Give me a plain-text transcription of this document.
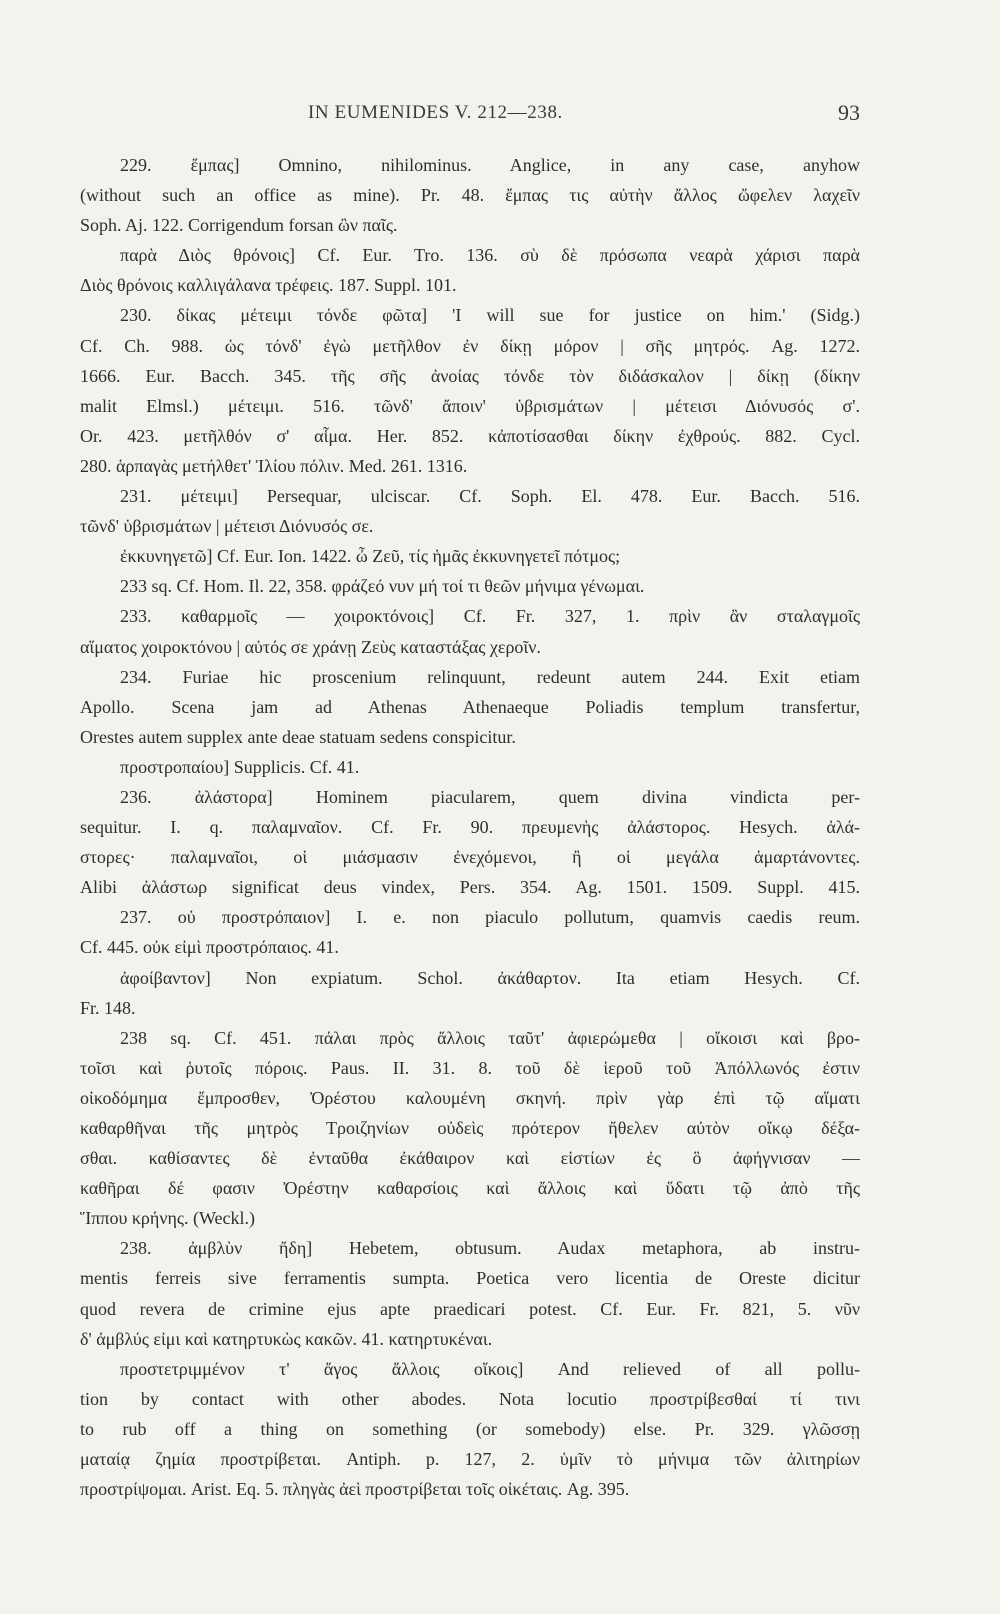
IN EUMENIDES V. 212—238.	93
229. ἔμπας] Omnino, nihilominus. Anglice, in any case, anyhow
(without such an office as mine). Pr. 48. ἔμπας τις αὐτὴν ἄλλος ὤφελεν λαχεῖν
Soph. Aj. 122. Corrigendum forsan ὢν παῖς.
παρὰ Διὸς θρόνοις] Cf. Eur. Tro. 136. σὺ δὲ πρόσωπα νεαρὰ χάρισι παρὰ
Διὸς θρόνοις καλλιγάλανα τρέφεις. 187. Suppl. 101.
230. δίκας μέτειμι τόνδε φῶτα] 'I will sue for justice on him.' (Sidg.)
Cf. Ch. 988. ὡς τόνδ' ἐγὼ μετῆλθον ἐν δίκῃ μόρον | σῆς μητρός. Ag. 1272.
1666. Eur. Bacch. 345. τῆς σῆς ἀνοίας τόνδε τὸν διδάσκαλον | δίκῃ (δίκην
malit Elmsl.) μέτειμι. 516. τῶνδ' ἄποιν' ὑβρισμάτων | μέτεισι Διόνυσός σ'.
Or. 423. μετῆλθόν σ' αἷμα. Her. 852. κἀποτίσασθαι δίκην ἐχθρούς. 882. Cycl.
280. ἁρπαγὰς μετήλθετ' Ἰλίου πόλιν. Med. 261. 1316.
231. μέτειμι] Persequar, ulciscar. Cf. Soph. El. 478. Eur. Bacch. 516.
τῶνδ' ὑβρισμάτων | μέτεισι Διόνυσός σε.
ἐκκυνηγετῶ] Cf. Eur. Ion. 1422. ὦ Ζεῦ, τίς ἡμᾶς ἐκκυνηγετεῖ πότμος;
233 sq. Cf. Hom. Il. 22, 358. φράζεό νυν μή τοί τι θεῶν μήνιμα γένωμαι.
233. καθαρμοῖς — χοιροκτόνοις] Cf. Fr. 327, 1. πρὶν ἂν σταλαγμοῖς
αἵματος χοιροκτόνου | αὐτός σε χράνῃ Ζεὺς καταστάξας χεροῖν.
234. Furiae hic proscenium relinquunt, redeunt autem 244. Exit etiam
Apollo. Scena jam ad Athenas Athenaeque Poliadis templum transfertur,
Orestes autem supplex ante deae statuam sedens conspicitur.
προστροπαίου] Supplicis. Cf. 41.
236. ἀλάστορα] Hominem piacularem, quem divina vindicta per-
sequitur. I. q. παλαμναῖον. Cf. Fr. 90. πρευμενὴς ἀλάστορος. Hesych. ἀλά-
στορες· παλαμναῖοι, οἱ μιάσμασιν ἐνεχόμενοι, ἢ οἱ μεγάλα ἁμαρτάνοντες.
Alibi ἀλάστωρ significat deus vindex, Pers. 354. Ag. 1501. 1509. Suppl. 415.
237. οὐ προστρόπαιον] I. e. non piaculo pollutum, quamvis caedis reum.
Cf. 445. οὐκ εἰμὶ προστρόπαιος. 41.
ἀφοίβαντον] Non expiatum. Schol. ἀκάθαρτον. Ita etiam Hesych. Cf.
Fr. 148.
238 sq. Cf. 451. πάλαι πρὸς ἄλλοις ταῦτ' ἀφιερώμεθα | οἴκοισι καὶ βρο-
τοῖσι καὶ ῥυτοῖς πόροις. Paus. II. 31. 8. τοῦ δὲ ἱεροῦ τοῦ Ἀπόλλωνός ἐστιν
οἰκοδόμημα ἔμπροσθεν, Ὀρέστου καλουμένη σκηνή. πρὶν γὰρ ἐπὶ τῷ αἵματι
καθαρθῆναι τῆς μητρὸς Τροιζηνίων οὐδεὶς πρότερον ἤθελεν αὐτὸν οἴκῳ δέξα-
σθαι. καθίσαντες δὲ ἐνταῦθα ἐκάθαιρον καὶ εἱστίων ἐς ὃ ἀφήγνισαν —
καθῆραι δέ φασιν Ὀρέστην καθαρσίοις καὶ ἄλλοις καὶ ὕδατι τῷ ἀπὸ τῆς
Ἵππου κρήνης. (Weckl.)
238. ἀμβλὺν ἤδη] Hebetem, obtusum. Audax metaphora, ab instru-
mentis ferreis sive ferramentis sumpta. Poetica vero licentia de Oreste dicitur
quod revera de crimine ejus apte praedicari potest. Cf. Eur. Fr. 821, 5. νῦν
δ' ἀμβλύς εἰμι καὶ κατηρτυκὼς κακῶν. 41. κατηρτυκέναι.
προστετριμμένον τ' ἄγος ἄλλοις οἴκοις] And relieved of all pollu-
tion by contact with other abodes. Nota locutio προστρίβεσθαί τί τινι
to rub off a thing on something (or somebody) else. Pr. 329. γλῶσσῃ
ματαίᾳ ζημία προστρίβεται. Antiph. p. 127, 2. ὑμῖν τὸ μήνιμα τῶν ἀλιτηρίων
προστρίψομαι. Arist. Eq. 5. πληγὰς ἀεὶ προστρίβεται τοῖς οἰκέταις. Ag. 395.
